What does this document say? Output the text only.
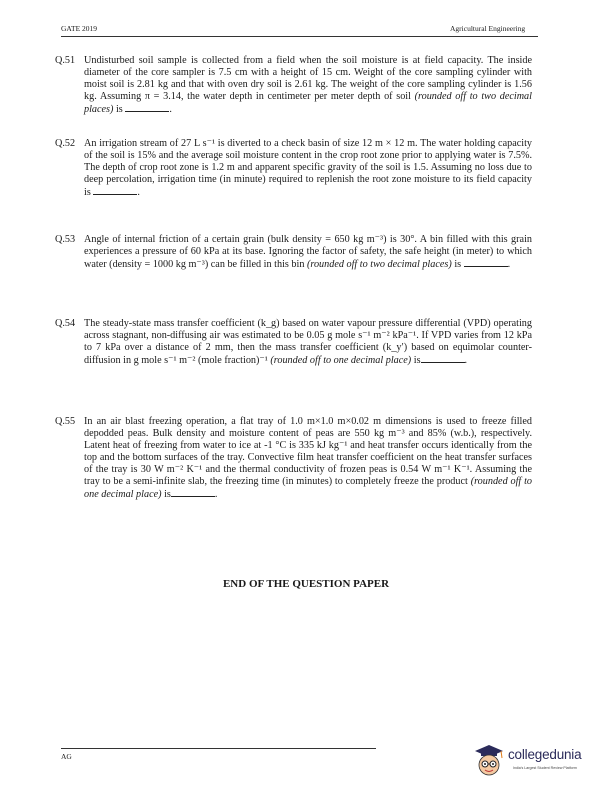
GATE 2019	Agricultural Engineering
Q.51 Undisturbed soil sample is collected from a field when the soil moisture is at field capacity. The inside diameter of the core sampler is 7.5 cm with a height of 15 cm. Weight of the core sampling cylinder with moist soil is 2.81 kg and that with oven dry soil is 2.61 kg. The weight of the core sampling cylinder is 1.56 kg. Assuming π = 3.14, the water depth in centimeter per meter depth of soil (rounded off to two decimal places) is	.

Q.52 An irrigation stream of 27 L s⁻¹ is diverted to a check basin of size 12 m × 12 m. The water holding capacity of the soil is 15% and the average soil moisture content in the crop root zone prior to applying water is 7.5%. The depth of crop root zone is 1.2 m and apparent specific gravity of the soil is 1.5. Assuming no loss due to deep percolation, irrigation time (in minute) required to replenish the root zone moisture to its field capacity is	.

Q.53 Angle of internal friction of a certain grain (bulk density = 650 kg m⁻³) is 30°. A bin filled with this grain experiences a pressure of 60 kPa at its base. Ignoring the factor of safety, the safe height (in meter) to which water (density = 1000 kg m⁻³) can be filled in this bin (rounded off to two decimal places) is	.

Q.54 The steady-state mass transfer coefficient (k_g) based on water vapour pressure differential (VPD) operating across stagnant, non-diffusing air was estimated to be 0.05 g mole s⁻¹ m⁻² kPa⁻¹. If VPD varies from 12 kPa to 7 kPa over a distance of 2 mm, then the mass transfer coefficient (k_y′) based on equimolar counter-diffusion in g mole s⁻¹ m⁻² (mole fraction)⁻¹ (rounded off to one decimal place) is	.

Q.55 In an air blast freezing operation, a flat tray of 1.0 m×1.0 m×0.02 m dimensions is used to freeze filled depodded peas. Bulk density and moisture content of peas are 550 kg m⁻³ and 85% (w.b.), respectively. Latent heat of freezing from water to ice at -1 °C is 335 kJ kg⁻¹ and heat transfer occurs identically from the top and the bottom surfaces of the tray. Convective film heat transfer coefficient on the heat transfer surfaces of the tray is 30 W m⁻² K⁻¹ and the thermal conductivity of frozen peas is 0.54 W m⁻¹ K⁻¹. Assuming the tray to be a semi-infinite slab, the freezing time (in minutes) to completely freeze the product (rounded off to one decimal place) is	.

END OF THE QUESTION PAPER
AG	collegedunia
India's Largest Student Review Platform
